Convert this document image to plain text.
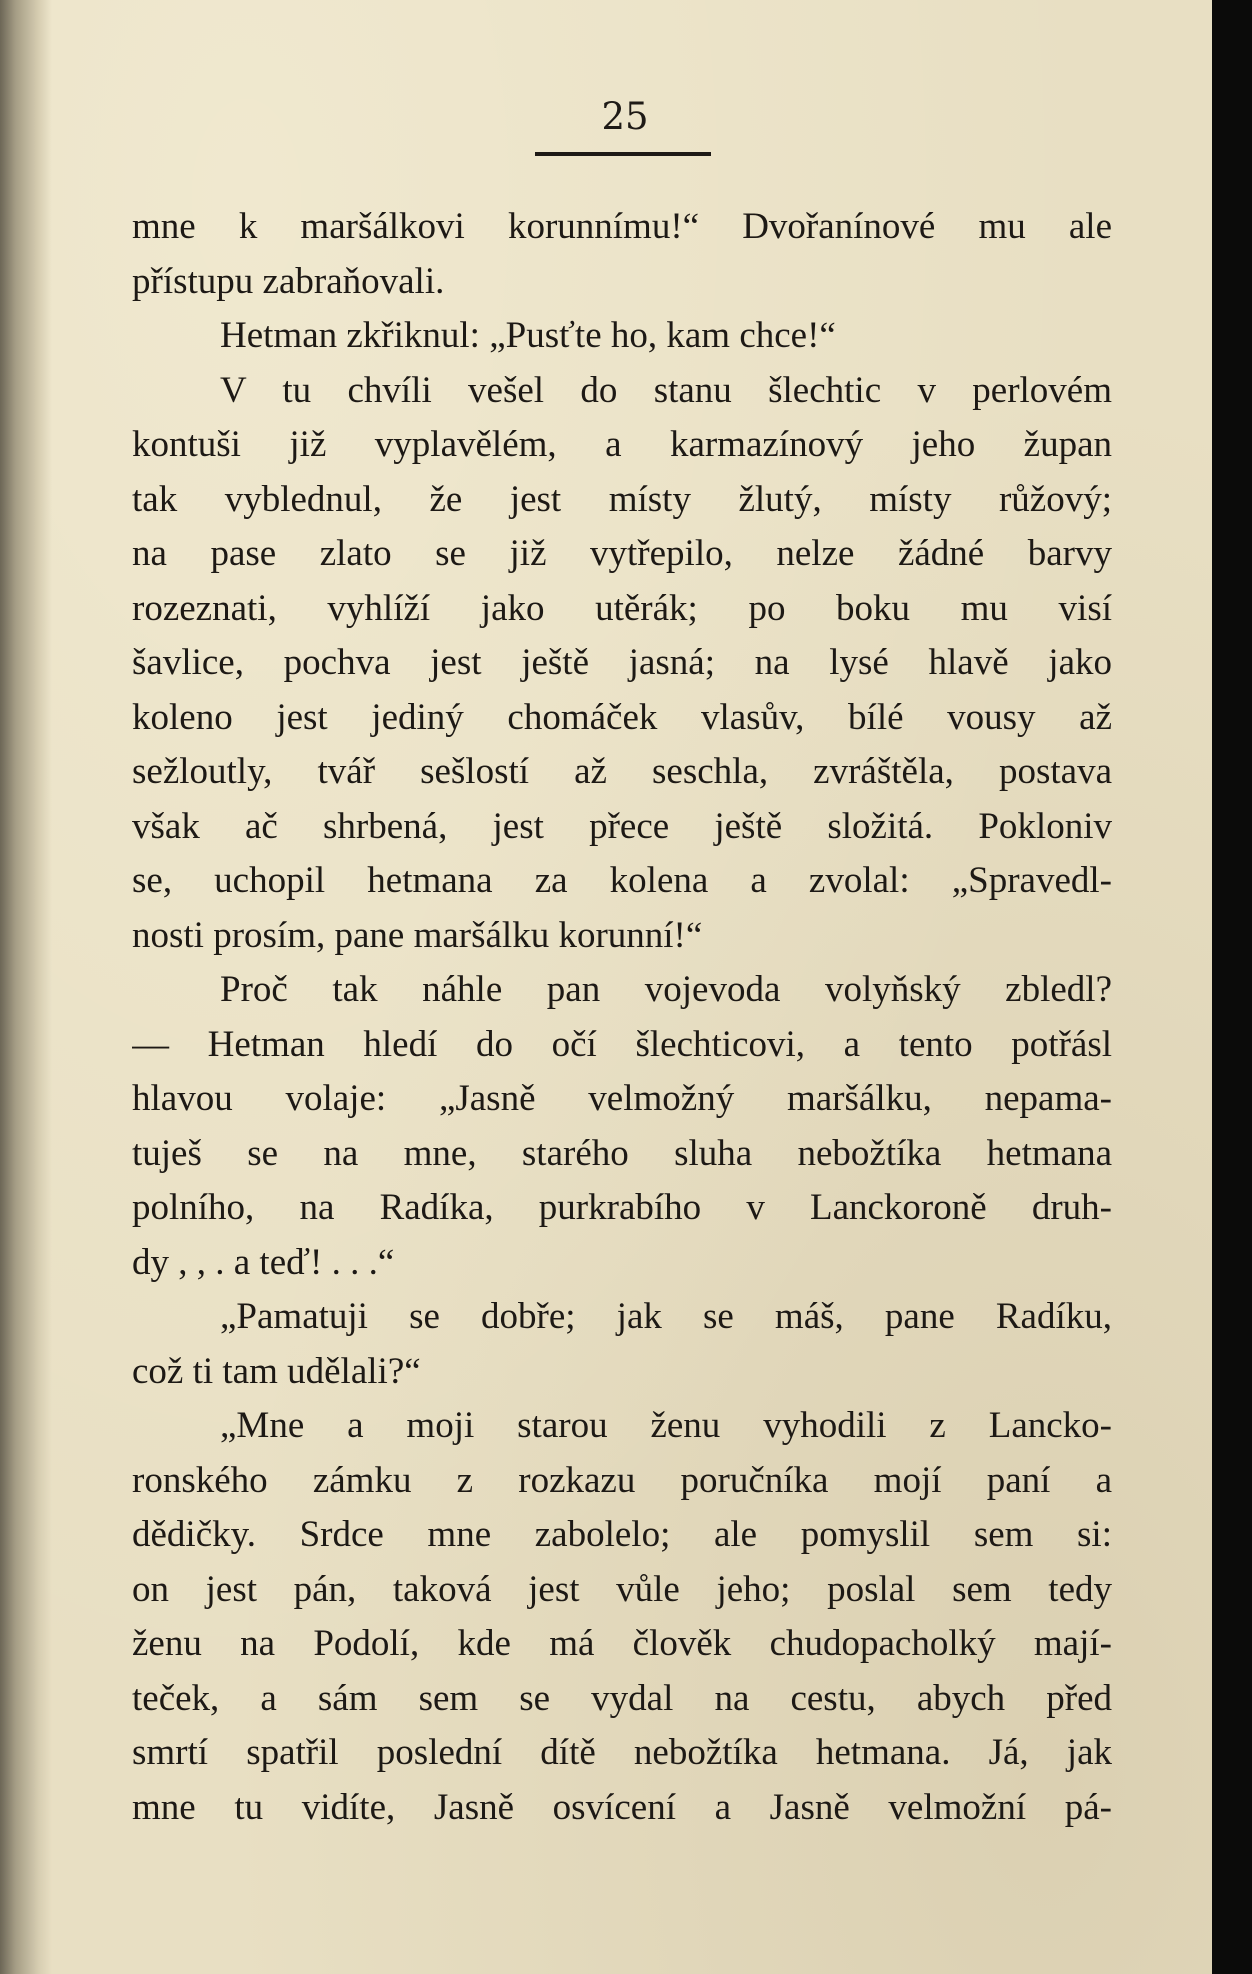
25
mne k maršálkovi korunnímu!“ Dvořanínové mu ale
přístupu zabraňovali.
Hetman zkřiknul: „Pusťte ho, kam chce!“
V tu chvíli vešel do stanu šlechtic v perlovém
kontuši již vyplavělém, a karmazínový jeho župan
tak vyblednul, že jest místy žlutý, místy růžový;
na pase zlato se již vytřepilo, nelze žádné barvy
rozeznati, vyhlíží jako utěrák; po boku mu visí
šavlice, pochva jest ještě jasná; na lysé hlavě jako
koleno jest jediný chomáček vlasův, bílé vousy až
sežloutly, tvář sešlostí až seschla, zvráštěla, postava
však ač shrbená, jest přece ještě složitá. Pokloniv
se, uchopil hetmana za kolena a zvolal: „Spravedl-
nosti prosím, pane maršálku korunní!“
Proč tak náhle pan vojevoda volyňský zbledl?
— Hetman hledí do očí šlechticovi, a tento potřásl
hlavou volaje: „Jasně velmožný maršálku, nepama-
tuješ se na mne, starého sluha nebožtíka hetmana
polního, na Radíka, purkrabího v Lanckoroně druh-
dy , , . a teď! . . .“
„Pamatuji se dobře; jak se máš, pane Radíku,
což ti tam udělali?“
„Mne a moji starou ženu vyhodili z Lancko-
ronského zámku z rozkazu poručníka mojí paní a
dědičky. Srdce mne zabolelo; ale pomyslil sem si:
on jest pán, taková jest vůle jeho; poslal sem tedy
ženu na Podolí, kde má člověk chudopacholký mají-
teček, a sám sem se vydal na cestu, abych před
smrtí spatřil poslední dítě nebožtíka hetmana. Já, jak
mne tu vidíte, Jasně osvícení a Jasně velmožní pá-
